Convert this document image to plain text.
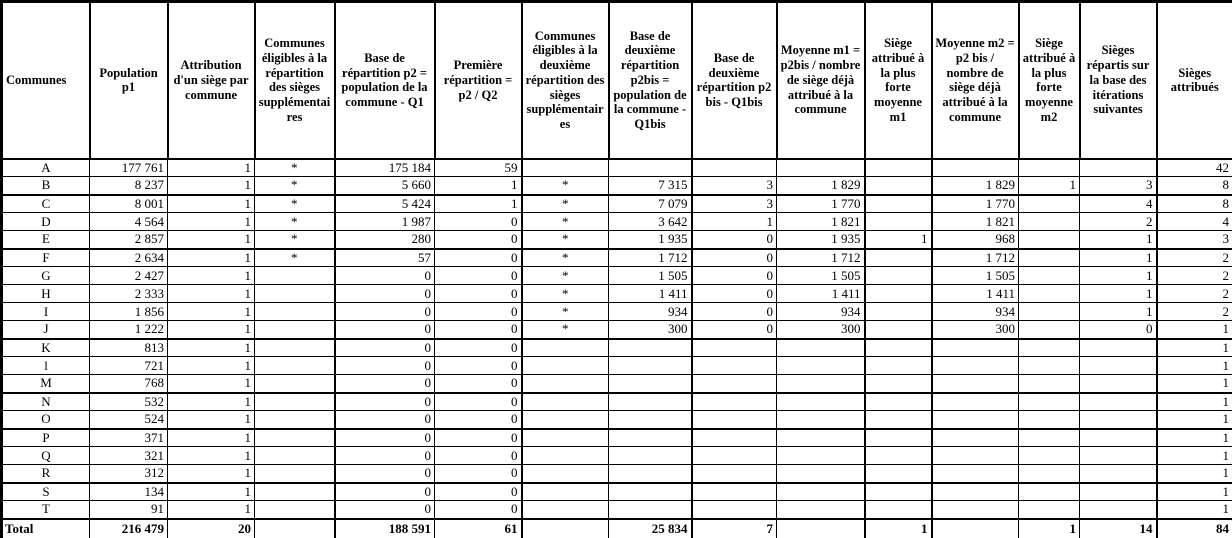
Communes	Population p1	Attribution d'un siège par commune	Communes éligibles à la répartition des sièges supplémentaires	Base de répartition p2 = population de la commune - Q1	Première répartition = p2 / Q2	Communes éligibles à la deuxième répartition des sièges supplémentaires	Base de deuxième répartition p2bis = population de la commune - Q1bis	Base de deuxième répartition p2 bis - Q1bis	Moyenne m1 = p2bis / nombre de siège déjà attribué à la commune	Siège attribué à la plus forte moyenne m1	Moyenne m2 = p2 bis / nombre de siège déjà attribué à la commune	Siège attribué à la plus forte moyenne m2	Sièges répartis sur la base des itérations suivantes	Sièges attribués
A	177 761	1	*	175 184	59									42
B	8 237	1	*	5 660	1	*	7 315	3	1 829		1 829	1	3	8
C	8 001	1	*	5 424	1	*	7 079	3	1 770		1 770		4	8
D	4 564	1	*	1 987	0	*	3 642	1	1 821		1 821		2	4
E	2 857	1	*	280	0	*	1 935	0	1 935	1	968		1	3
F	2 634	1	*	57	0	*	1 712	0	1 712		1 712		1	2
G	2 427	1		0	0	*	1 505	0	1 505		1 505		1	2
H	2 333	1		0	0	*	1 411	0	1 411		1 411		1	2
I	1 856	1		0	0	*	934	0	934		934		1	2
J	1 222	1		0	0	*	300	0	300		300		0	1
K	813	1		0	0									1
l	721	1		0	0									1
M	768	1		0	0									1
N	532	1		0	0									1
O	524	1		0	0									1
P	371	1		0	0									1
Q	321	1		0	0									1
R	312	1		0	0									1
S	134	1		0	0									1
T	91	1		0	0									1
Total	216 479	20		188 591	61		25 834	7		1		1	14	84
